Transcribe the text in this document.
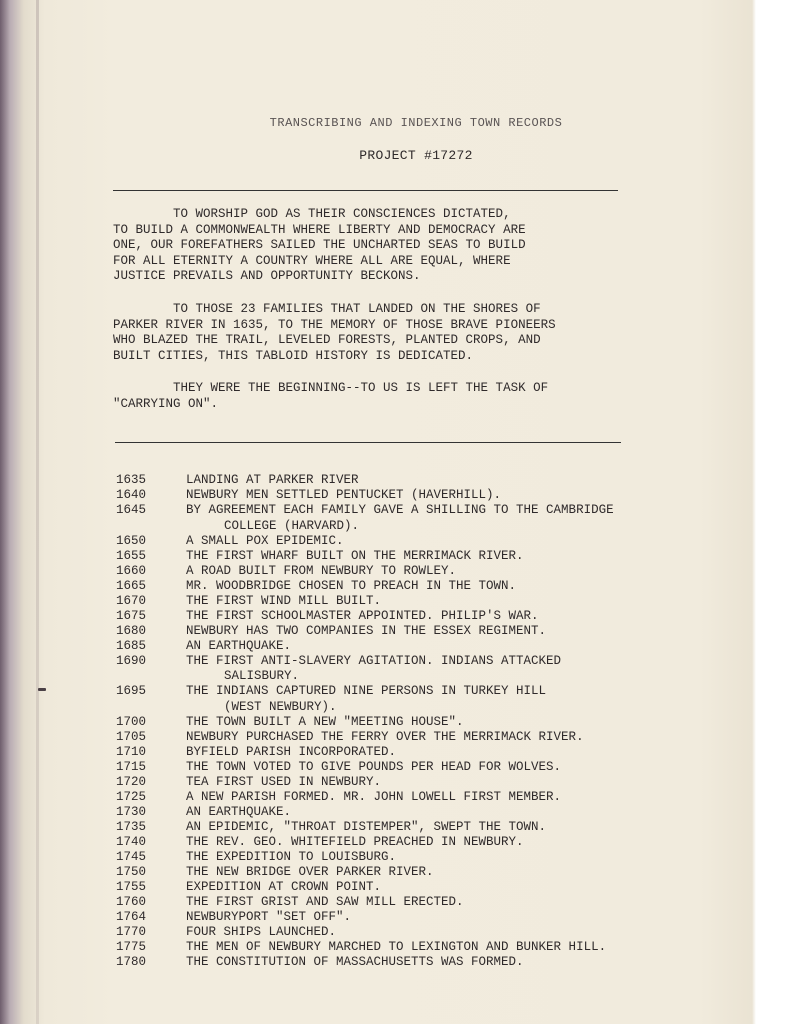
TRANSCRIBING AND INDEXING TOWN RECORDS
PROJECT #17272
TO WORSHIP GOD AS THEIR CONSCIENCES DICTATED,
TO BUILD A COMMONWEALTH WHERE LIBERTY AND DEMOCRACY ARE
ONE, OUR FOREFATHERS SAILED THE UNCHARTED SEAS TO BUILD
FOR ALL ETERNITY A COUNTRY WHERE ALL ARE EQUAL, WHERE
JUSTICE PREVAILS AND OPPORTUNITY BECKONS.
TO THOSE 23 FAMILIES THAT LANDED ON THE SHORES OF
PARKER RIVER IN 1635, TO THE MEMORY OF THOSE BRAVE PIONEERS
WHO BLAZED THE TRAIL, LEVELED FORESTS, PLANTED CROPS, AND
BUILT CITIES, THIS TABLOID HISTORY IS DEDICATED.
THEY WERE THE BEGINNING--TO US IS LEFT THE TASK OF
"CARRYING ON".
1635	LANDING AT PARKER RIVER
1640	NEWBURY MEN SETTLED PENTUCKET (HAVERHILL).
1645	BY AGREEMENT EACH FAMILY GAVE A SHILLING TO THE CAMBRIDGE
COLLEGE (HARVARD).
1650	A SMALL POX EPIDEMIC.
1655	THE FIRST WHARF BUILT ON THE MERRIMACK RIVER.
1660	A ROAD BUILT FROM NEWBURY TO ROWLEY.
1665	MR. WOODBRIDGE CHOSEN TO PREACH IN THE TOWN.
1670	THE FIRST WIND MILL BUILT.
1675	THE FIRST SCHOOLMASTER APPOINTED. PHILIP'S WAR.
1680	NEWBURY HAS TWO COMPANIES IN THE ESSEX REGIMENT.
1685	AN EARTHQUAKE.
1690	THE FIRST ANTI-SLAVERY AGITATION. INDIANS ATTACKED
SALISBURY.
1695	THE INDIANS CAPTURED NINE PERSONS IN TURKEY HILL
(WEST NEWBURY).
1700	THE TOWN BUILT A NEW "MEETING HOUSE".
1705	NEWBURY PURCHASED THE FERRY OVER THE MERRIMACK RIVER.
1710	BYFIELD PARISH INCORPORATED.
1715	THE TOWN VOTED TO GIVE POUNDS PER HEAD FOR WOLVES.
1720	TEA FIRST USED IN NEWBURY.
1725	A NEW PARISH FORMED. MR. JOHN LOWELL FIRST MEMBER.
1730	AN EARTHQUAKE.
1735	AN EPIDEMIC, "THROAT DISTEMPER", SWEPT THE TOWN.
1740	THE REV. GEO. WHITEFIELD PREACHED IN NEWBURY.
1745	THE EXPEDITION TO LOUISBURG.
1750	THE NEW BRIDGE OVER PARKER RIVER.
1755	EXPEDITION AT CROWN POINT.
1760	THE FIRST GRIST AND SAW MILL ERECTED.
1764	NEWBURYPORT "SET OFF".
1770	FOUR SHIPS LAUNCHED.
1775	THE MEN OF NEWBURY MARCHED TO LEXINGTON AND BUNKER HILL.
1780	THE CONSTITUTION OF MASSACHUSETTS WAS FORMED.
